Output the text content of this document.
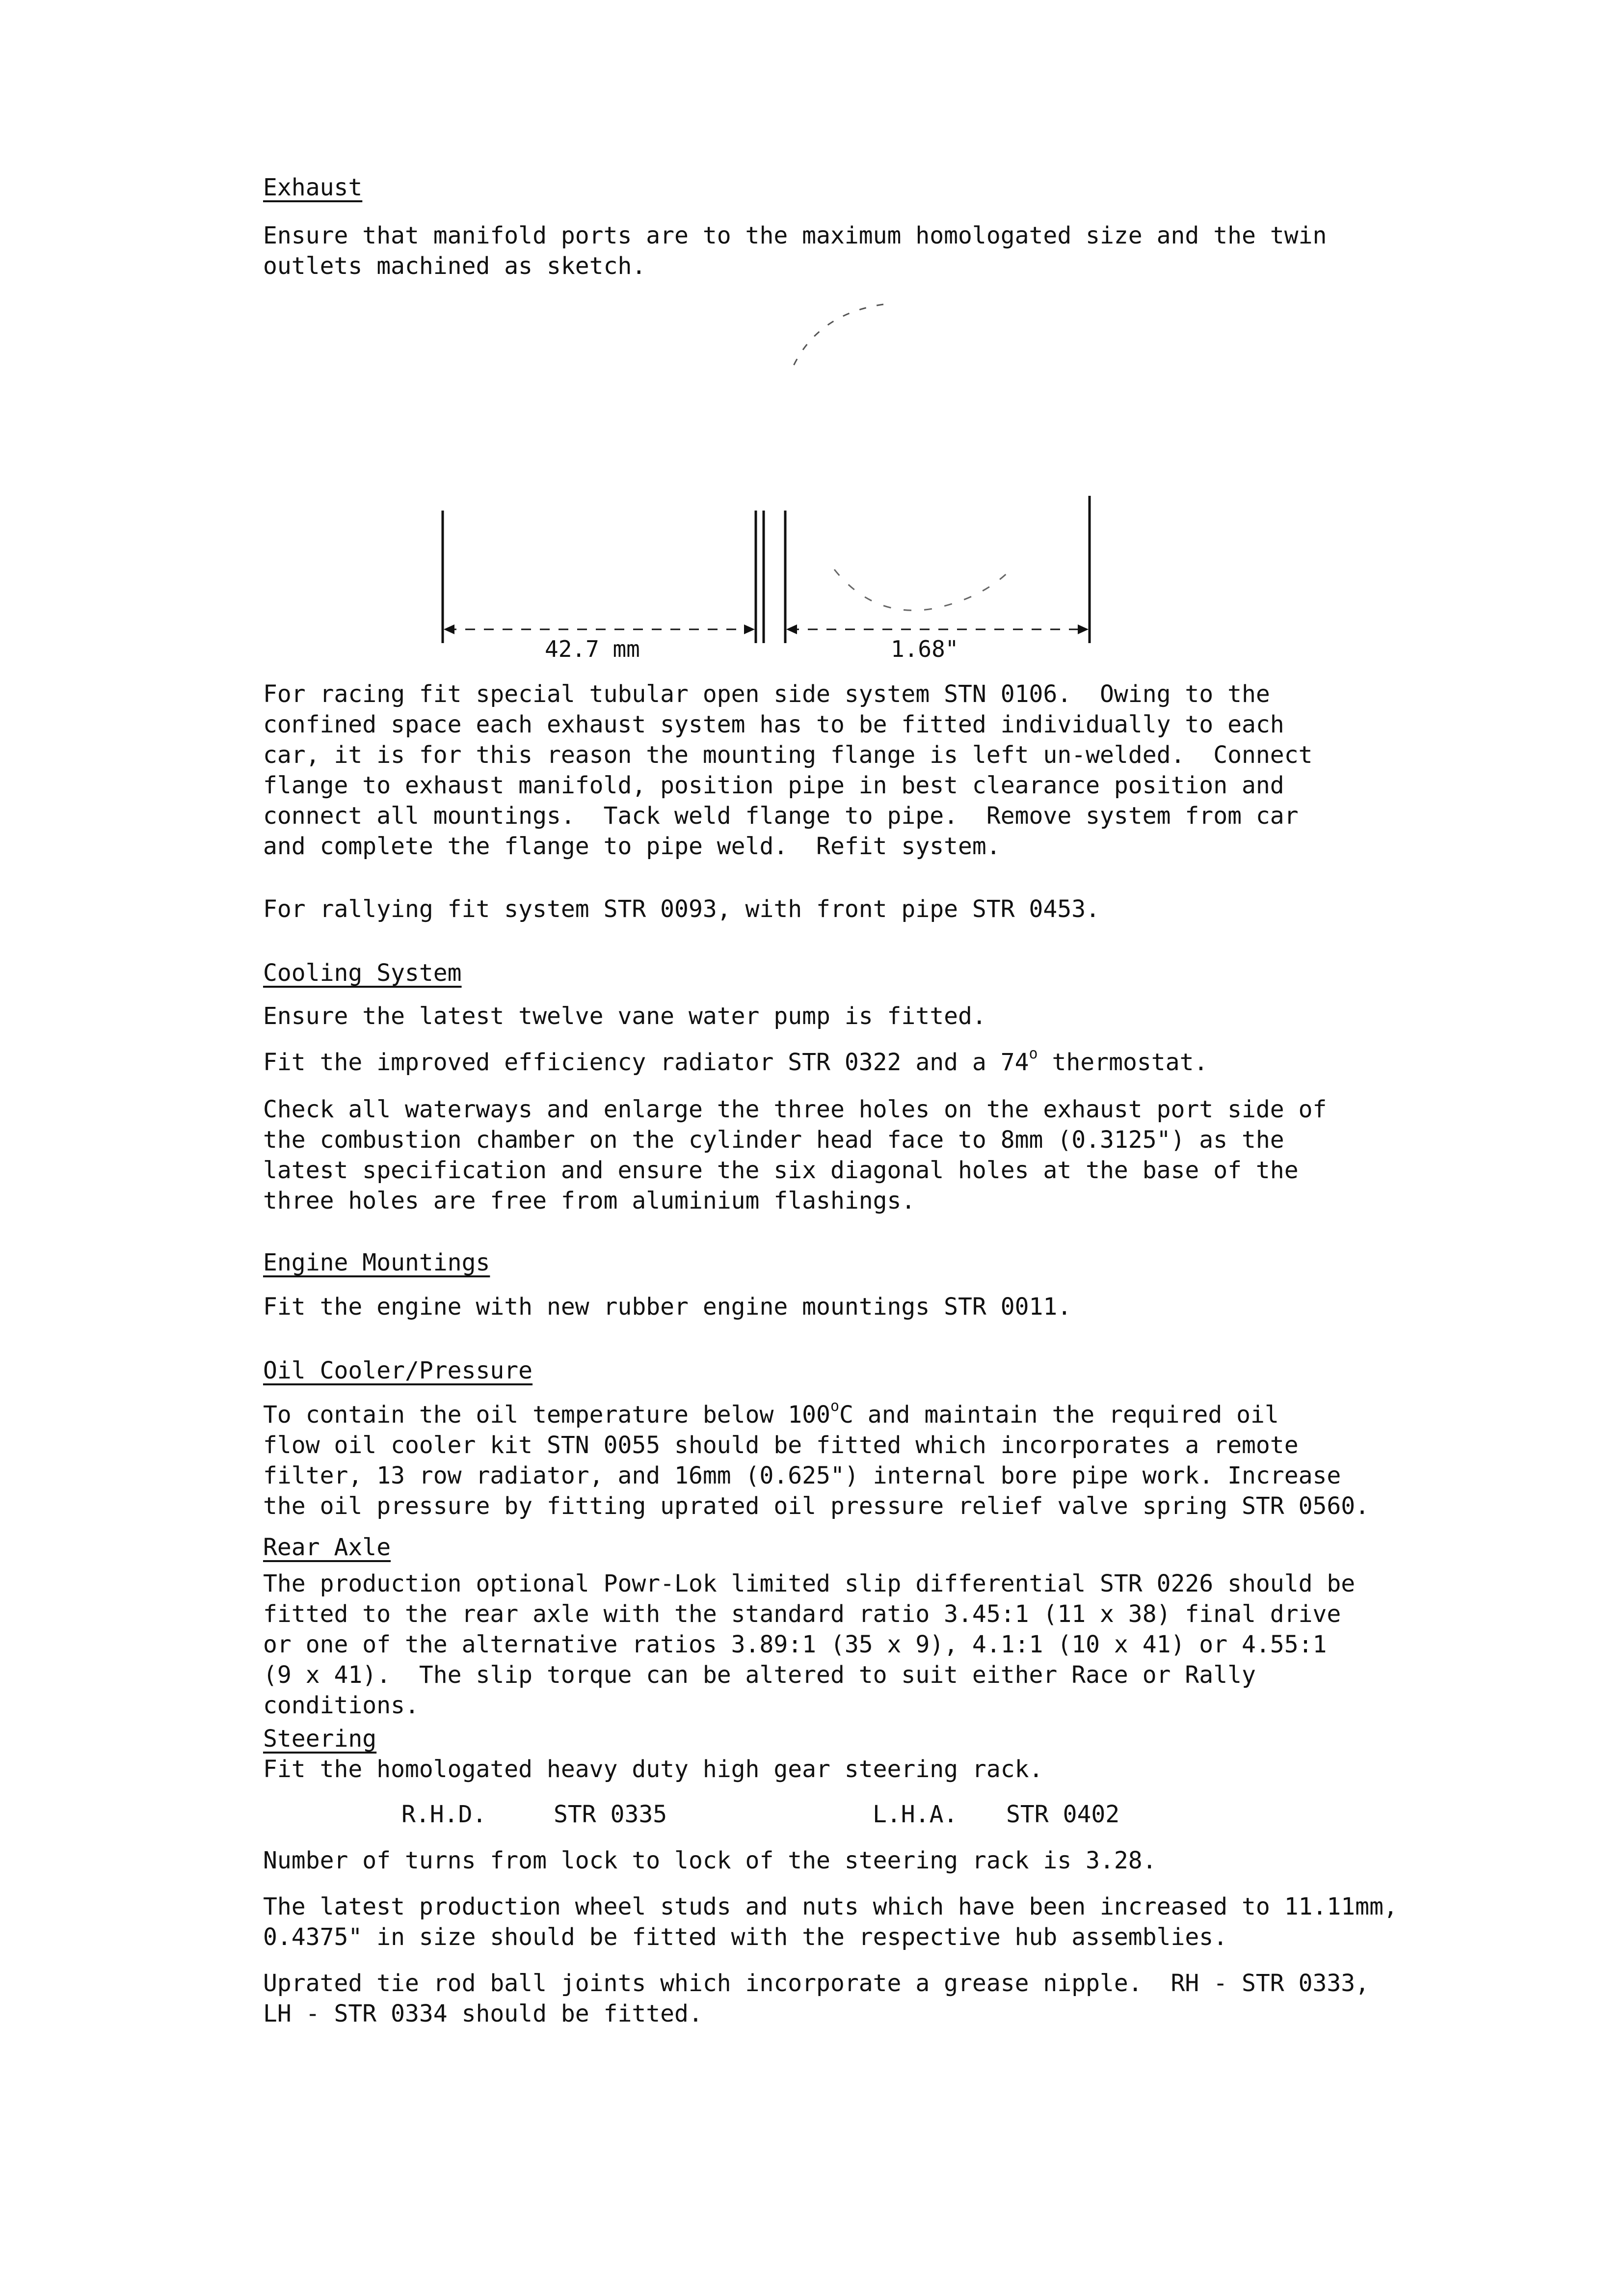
Exhaust
Ensure that manifold ports are to the maximum homologated size and the twin
outlets machined as sketch.
42.7 mm	1.68"
For racing fit special tubular open side system STN 0106.  Owing to the
confined space each exhaust system has to be fitted individually to each
car, it is for this reason the mounting flange is left un-welded.  Connect
flange to exhaust manifold, position pipe in best clearance position and
connect all mountings.  Tack weld flange to pipe.  Remove system from car
and complete the flange to pipe weld.  Refit system.
For rallying fit system STR 0093, with front pipe STR 0453.
Cooling System
Ensure the latest twelve vane water pump is fitted.
Fit the improved efficiency radiator STR 0322 and a 74$^o$ thermostat.
Check all waterways and enlarge the three holes on the exhaust port side of
the combustion chamber on the cylinder head face to 8mm (0.3125") as the
latest specification and ensure the six diagonal holes at the base of the
three holes are free from aluminium flashings.
Engine Mountings
Fit the engine with new rubber engine mountings STR 0011.
Oil Cooler/Pressure
To contain the oil temperature below 100$^o$C and maintain the required oil
flow oil cooler kit STN 0055 should be fitted which incorporates a remote
filter, 13 row radiator, and 16mm (0.625") internal bore pipe work. Increase
the oil pressure by fitting uprated oil pressure relief valve spring STR 0560.
Rear Axle
The production optional Powr-Lok limited slip differential STR 0226 should be
fitted to the rear axle with the standard ratio 3.45:1 (11 x 38) final drive
or one of the alternative ratios 3.89:1 (35 x 9), 4.1:1 (10 x 41) or 4.55:1
(9 x 41).  The slip torque can be altered to suit either Race or Rally
conditions.
Steering
Fit the homologated heavy duty high gear steering rack.
R.H.D.	STR 0335	L.H.A. STR 0402
Number of turns from lock to lock of the steering rack is 3.28.
The latest production wheel studs and nuts which have been increased to 11.11mm,
0.4375" in size should be fitted with the respective hub assemblies.
Uprated tie rod ball joints which incorporate a grease nipple.  RH - STR 0333,
LH - STR 0334 should be fitted.
